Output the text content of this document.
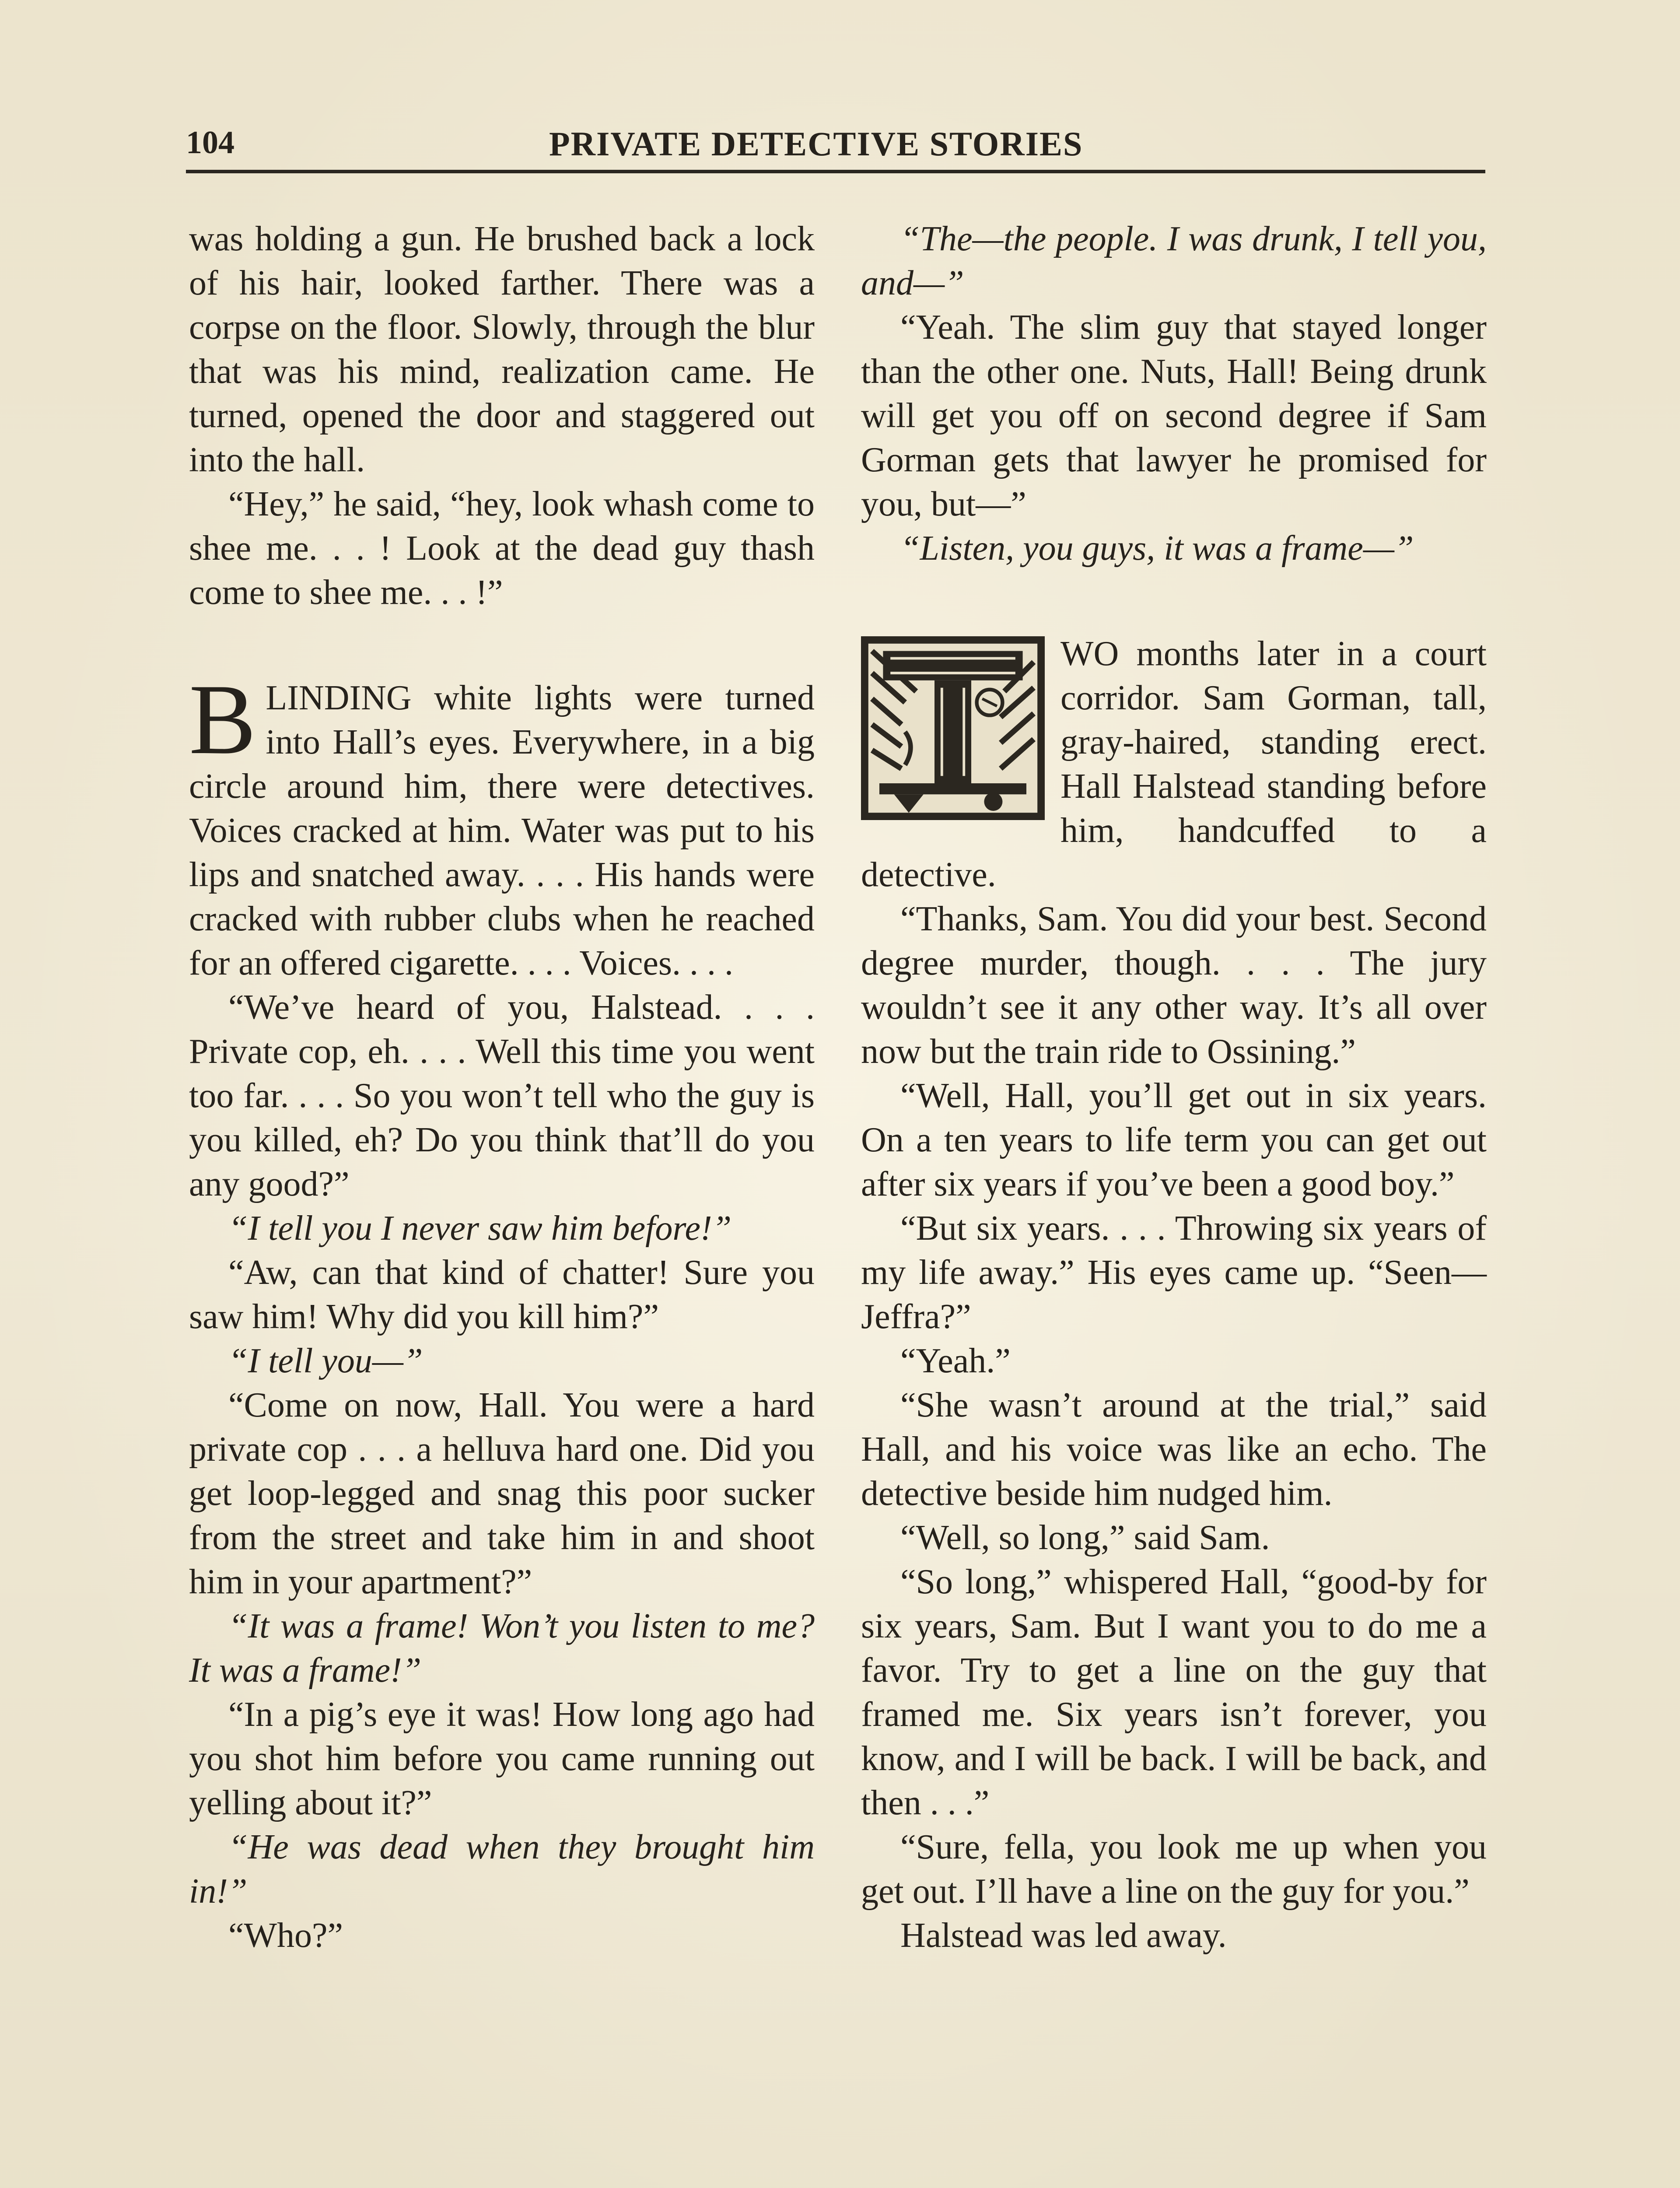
104	PRIVATE DETECTIVE STORIES

was holding a gun. He brushed back a lock of his hair, looked farther. There was a corpse on the floor. Slowly, through the blur that was his mind, realization came. He turned, opened the door and staggered out into the hall.

“Hey,” he said, “hey, look whash come to shee me. . . ! Look at the dead guy thash come to shee me. . . !”

BLINDING white lights were turned into Hall’s eyes. Everywhere, in a big circle around him, there were detectives. Voices cracked at him. Water was put to his lips and snatched away. . . . His hands were cracked with rubber clubs when he reached for an offered cigarette. . . . Voices. . . .

“We’ve heard of you, Halstead. . . . Private cop, eh. . . . Well this time you went too far. . . . So you won’t tell who the guy is you killed, eh? Do you think that’ll do you any good?”

“I tell you I never saw him before!”

“Aw, can that kind of chatter! Sure you saw him! Why did you kill him?”

“I tell you—”

“Come on now, Hall. You were a hard private cop . . . a helluva hard one. Did you get loop-legged and snag this poor sucker from the street and take him in and shoot him in your apartment?”

“It was a frame! Won’t you listen to me? It was a frame!”

“In a pig’s eye it was! How long ago had you shot him before you came running out yelling about it?”

“He was dead when they brought him in!”

“Who?”

“The—the people. I was drunk, I tell you, and—”

“Yeah. The slim guy that stayed longer than the other one. Nuts, Hall! Being drunk will get you off on second degree if Sam Gorman gets that lawyer he promised for you, but—”

“Listen, you guys, it was a frame—”

WO months later in a court corridor. Sam Gorman, tall, gray-haired, standing erect. Hall Halstead standing before him, handcuffed to a detective.

“Thanks, Sam. You did your best. Second degree murder, though. . . . The jury wouldn’t see it any other way. It’s all over now but the train ride to Ossining.”

“Well, Hall, you’ll get out in six years. On a ten years to life term you can get out after six years if you’ve been a good boy.”

“But six years. . . . Throwing six years of my life away.” His eyes came up. “Seen—Jeffra?”

“Yeah.”

“She wasn’t around at the trial,” said Hall, and his voice was like an echo. The detective beside him nudged him.

“Well, so long,” said Sam.

“So long,” whispered Hall, “good-by for six years, Sam. But I want you to do me a favor. Try to get a line on the guy that framed me. Six years isn’t forever, you know, and I will be back. I will be back, and then . . .”

“Sure, fella, you look me up when you get out. I’ll have a line on the guy for you.”

Halstead was led away.
